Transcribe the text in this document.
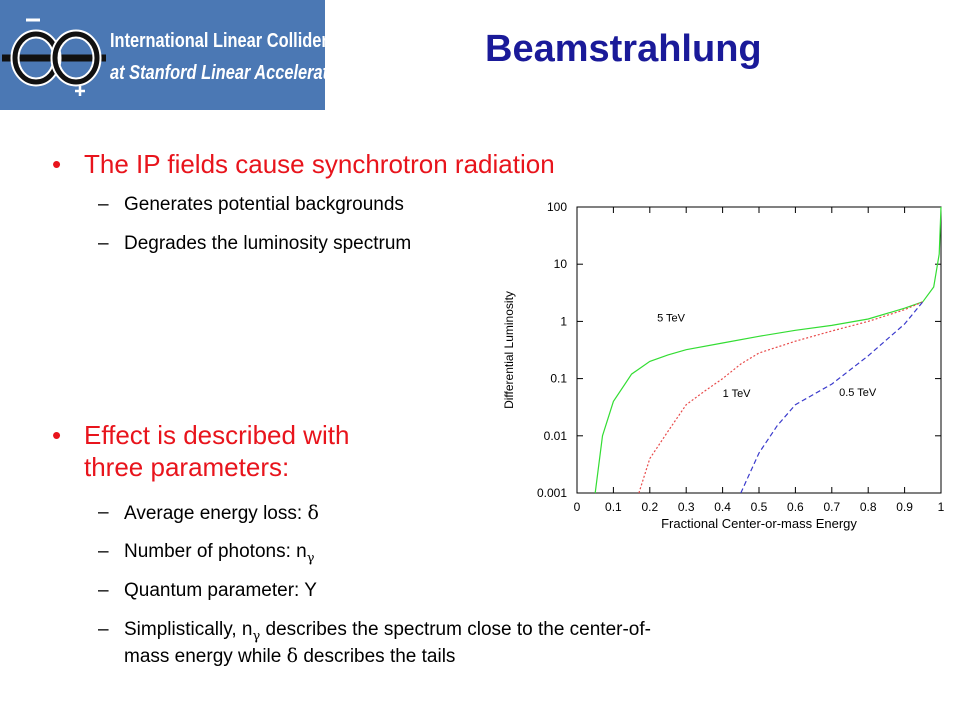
International Linear Collider
at Stanford Linear Accelerator Center
Beamstrahlung
• The IP fields cause synchrotron radiation
– Generates potential backgrounds
– Degrades the luminosity spectrum
• Effect is described with
three parameters:
– Average energy loss: δ
– Number of photons: $n_\gamma$
– Quantum parameter: Y
– Simplistically, $n_\gamma$ describes the spectrum close to the center-of-
mass energy while δ describes the tails
0.001
0.01
0.1
1
10
100
0 0.1 0.2 0.3 0.4 0.5 0.6 0.7 0.8 0.9 1
5 TeV
1 TeV	0.5 TeV
Fractional Center-or-mass Energy
Differential Luminosity
